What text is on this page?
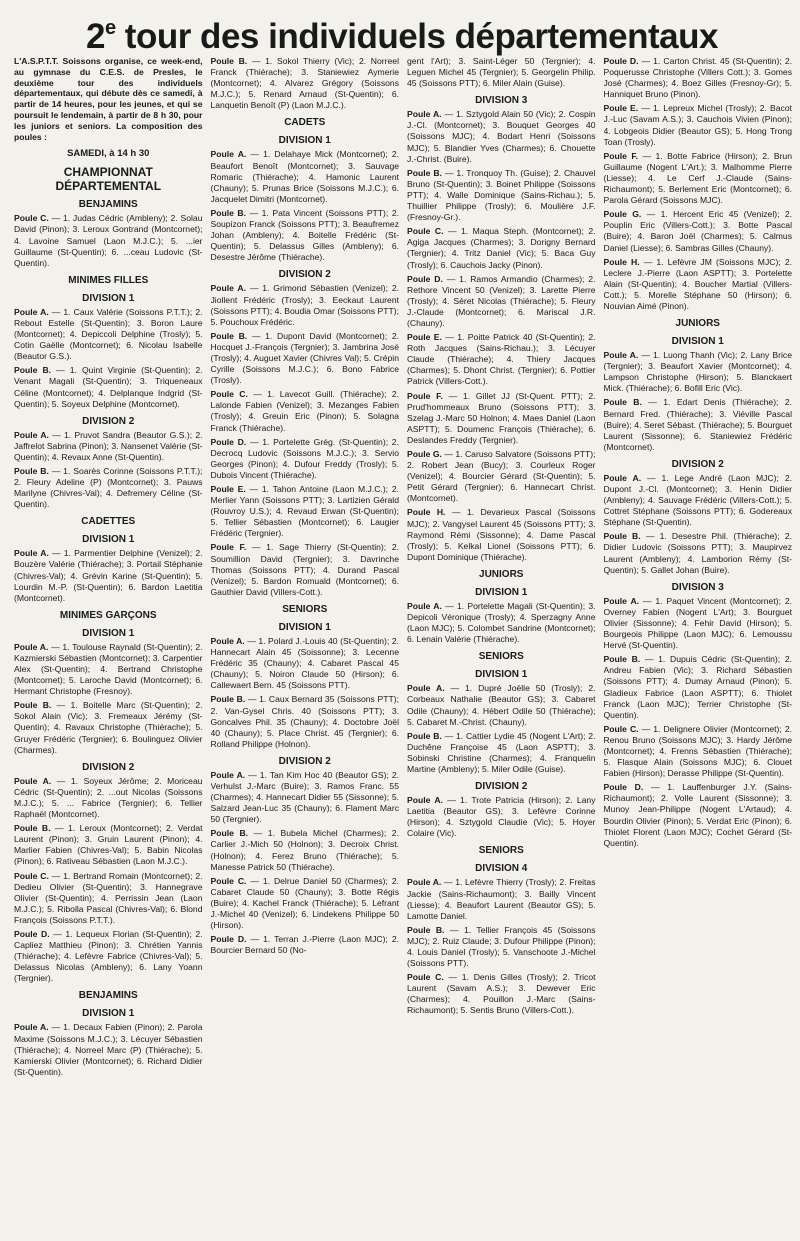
2e tour des individuels départementaux

L'A.S.P.T.T. Soissons organise, ce week-end, au gymnase du C.E.S. de Presles, le deuxième tour des individuels départementaux, qui débute dès ce samedi, à partir de 14 heures, pour les jeunes, et qui se poursuit le lendemain, à partir de 8 h 30, pour les juniors et seniors. La composition des poules :

SAMEDI, à 14 h 30
CHAMPIONNAT DÉPARTEMENTAL
BENJAMINS

Poule C. — 1. Judas Cédric (Ambleny); 2. Solau David (Pinon); 3. Leroux Gontrand (Montcornet); 4. Lavoine Samuel (Laon M.J.C.); 5. ...ier Guillaume (St-Quentin); 6. ...ceau Ludovic (St-Quentin).

MINIMES FILLES
DIVISION 1

Poule A. — 1. Caux Valérie (Soissons P.T.T.); 2. Rebout Estelle (St-Quentin); 3. Boron Laure (Montcornet); 4. Depiccoli Delphine (Trosly); 5. Cotin Gaëlle (Montcornet); 6. Nicolau Isabelle (Beautor G.S.).

Poule B. — 1. Quint Virginie (St-Quentin); 2. Venant Magali (St-Quentin); 3. Triqueneaux Céline (Montcornet); 4. Delplanque Indgrid (St-Quentin); 5. Soyeux Delphine (Montcornet).

DIVISION 2

Poule A. — 1. Pruvot Sandra (Beautor G.S.); 2. Jaffrelot Sabrina (Pinon); 3. Nansenet Valérie (St-Quentin); 4. Revaux Anne (St-Quentin).

Poule B. — 1. Soarès Corinne (Soissons P.T.T.); 2. Fleury Adeline (P) (Montcornet); 3. Pauws Marilyne (Chivres-Val); 4. Defremery Céline (St-Quentin).

CADETTES
DIVISION 1

Poule A. — 1. Parmentier Delphine (Venizel); 2. Bouzère Valérie (Thiérache); 3. Portail Stéphanie (Chivres-Val); 4. Grévin Karine (St-Quentin); 5. Lourdin M.-P. (St-Quentin); 6. Bardon Laetitia (Montcornet).

MINIMES GARÇONS
DIVISION 1

Poule A. — 1. Toulouse Raynald (St-Quentin); 2. Kazmierski Sébastien (Montcornet); 3. Carpentier Alex (St-Quentin); 4. Bertrand Christophe (Montcornet); 5. Laroche David (Montcornet); 6. Hermant Christophe (Fresnoy).

Poule B. — 1. Boitelle Marc (St-Quentin); 2. Sokol Alain (Vic); 3. Fremeaux Jérémy (St-Quentin); 4. Ravaux Christophe (Thiérache); 5. Gruyer Frédéric (Tergnier); 6. Boulinguez Olivier (Charmes).

DIVISION 2

Poule A. — 1. Soyeux Jérôme; 2. Moriceau Cédric (St-Quentin); 2. ...out Nicolas (Soissons M.J.C.); 5. ... Fabrice (Tergnier); 6. Tellier Raphaël (Montcornet).

Poule B. — 1. Leroux (Montcornet); 2. Verdat Laurent (Pinon); 3. Gruin Laurent (Pinon); 4. Marlier Fabien (Chivres-Val); 5. Babin Nicolas (Pinon); 6. Rativeau Sébastien (Laon M.J.C.).

Poule C. — 1. Bertrand Romain (Montcornet); 2. Dedieu Olivier (St-Quentin); 3. Hannegrave Olivier (St-Quentin); 4. Perrissin Jean (Laon M.J.C.); 5. Ribolla Pascal (Chivres-Val); 6. Blond François (Soissons P.T.T.).

Poule D. — 1. Lequeux Florian (St-Quentin); 2. Capliez Matthieu (Pinon); 3. Chrétien Yannis (Thiérache); 4. Lefèvre Fabrice (Chivres-Val); 5. Delassus Nicolas (Ambleny); 6. Lany Yoann (Tergnier).

BENJAMINS
DIVISION 1

Poule A. — 1. Decaux Fabien (Pinon); 2. Parola Maxime (Soissons M.J.C.); 3. Lécuyer Sébastien (Thiérache); 4. Norreel Marc (P) (Thiérache); 5. Kamierski Olivier (Montcornet); 6. Richard Didier (St-Quentin).

Poule B. — 1. Sokol Thierry (Vic); 2. Norreel Franck (Thiérache); 3. Staniewiez Aymerie (Montcornet); 4. Alvarez Grégory (Soissons M.J.C.); 5. Renard Arnaud (St-Quentin); 6. Lanquetin Benoît (P) (Laon M.J.C.).

CADETS
DIVISION 1

Poule A. — 1. Delahaye Mick (Montcornet); 2. Beaufort Benoît (Montcornet); 3. Sauvage Romaric (Thiérache); 4. Hamonic Laurent (Chauny); 5. Prunas Brice (Soissons M.J.C.); 6. Jacquelet Dimitri (Montcornet).

Poule B. — 1. Pata Vincent (Soissons PTT); 2. Soupizon Franck (Soissons PTT); 3. Beaufremez Johan (Ambleny); 4. Boitelle Frédéric (St-Quentin); 5. Delassus Gilles (Ambleny); 6. Desestre Jérôme (Thiérache).

DIVISION 2

Poule A. — 1. Grimond Sébastien (Venizel); 2. Jiollent Frédéric (Trosly); 3. Eeckaut Laurent (Soissons PTT); 4. Boudia Omar (Soissons PTT); 5. Pouchoux Frédéric.

Poule B. — 1. Dupont David (Montcornet); 2. Hocquet J.-François (Tergnier); 3. Jambrina José (Trosly); 4. Auguet Xavier (Chivres Val); 5. Crépin Cyrille (Soissons M.J.C.); 6. Bono Fabrice (Trosly).

Poule C. — 1. Lavecot Guill. (Thiérache); 2. Lalonde Fabien (Venizel); 3. Mezanges Fabien (Trosly); 4. Greuin Eric (Pinon); 5. Solagna Franck (Thiérache).

Poule D. — 1. Portelette Grég. (St-Quentin); 2. Decrocq Ludovic (Soissons M.J.C.); 3. Servio Georges (Pinon); 4. Dufour Freddy (Trosly); 5. Dubois Vincent (Thiérache).

Poule E. — 1. Tahon Antoine (Laon M.J.C.); 2. Merlier Yann (Soissons PTT); 3. Lartizien Gérald (Rouvroy U.S.); 4. Revaud Erwan (St-Quentin); 5. Tellier Sébastien (Montcornet); 6. Laugier Frédéric (Tergnier).

Poule F. — 1. Sage Thierry (St-Quentin); 2. Soumillion David (Tergnier); 3. Davrinche Thomas (Soissons PTT); 4. Durand Pascal (Venizel); 5. Bardon Romuald (Montcornet); 6. Gauthier David (Villers-Cott.).

SENIORS
DIVISION 1

Poule A. — 1. Polard J.-Louis 40 (St-Quentin); 2. Hannecart Alain 45 (Soissonne); 3. Lecenne Frédéric 35 (Chauny); 4. Cabaret Pascal 45 (Chauny); 5. Noiron Claude 50 (Hirson); 6. Callewaert Bern. 45 (Soissons PTT).

Poule B. — 1. Caux Bernard 35 (Soissons PTT); 2. Van-Gysel Chris. 40 (Soissons PTT); 3. Goncalves Phil. 35 (Chauny); 4. Doctobre Joël 40 (Chauny); 5. Place Christ. 45 (Tergnier); 6. Rolland Philippe (Holnon).

DIVISION 2

Poule A. — 1. Tan Kim Hoc 40 (Beautor GS); 2. Verhulst J.-Marc (Buire); 3. Ramos Franc. 55 (Charmes); 4. Hannecart Didier 55 (Sissonne); 5. Salzard Jean-Luc 35 (Chauny); 6. Flament Marc 50 (Tergnier).

Poule B. — 1. Bubela Michel (Charmes); 2. Carlier J.-Mich 50 (Holnon); 3. Decroix Christ. (Holnon); 4. Ferez Bruno (Thiérache); 5. Manesse Patrick 50 (Thiérache).

Poule C. — 1. Delrue Daniel 50 (Charmes); 2. Cabaret Claude 50 (Chauny); 3. Botte Régis (Buire); 4. Kachel Franck (Thiérache); 5. Lefrant J.-Michel 40 (Venizel); 6. Lindekens Philippe 50 (Hirson).

Poule D. — 1. Terran J.-Pierre (Laon MJC); 2. Bourcier Bernard 50 (No-

gent l'Art); 3. Saint-Léger 50 (Tergnier); 4. Leguen Michel 45 (Tergnier); 5. Georgelin Philip. 45 (Soissons PTT); 6. Miler Alain (Guise).

DIVISION 3

Poule A. — 1. Sztygold Alain 50 (Vic); 2. Cospin J.-Cl. (Montcornet); 3. Bouquet Georges 40 (Soissons MJC); 4. Bodart Henri (Soissons MJC); 5. Blandier Yves (Charmes); 6. Chouette J.-Christ. (Buire).

Poule B. — 1. Tronquoy Th. (Guise); 2. Chauvel Bruno (St-Quentin); 3. Boinet Philippe (Soissons PTT); 4. Walle Dominique (Sains-Richau.); 5. Thuillier Philippe (Trosly); 6. Moulière J.F. (Fresnoy-Gr.).

Poule C. — 1. Maqua Steph. (Montcornet); 2. Agiga Jacques (Charmes); 3. Dorigny Bernard (Tergnier); 4. Tritz Daniel (Vic); 5. Baca Guy (Trosly); 6. Cauchois Jacky (Pinon).

Poule D. — 1. Ramos Armandio (Charmes); 2. Rethore Vincent 50 (Venizel); 3. Larette Pierre (Trosly); 4. Séret Nicolas (Thiérache); 5. Fleury J.-Claude (Montcornet); 6. Mariscal J.R. (Chauny).

Poule E. — 1. Poitte Patrick 40 (St-Quentin); 2. Roth Jacques (Sains-Richau.); 3. Lécuyer Claude (Thiérache); 4. Thiery Jacques (Charmes); 5. Dhont Christ. (Tergnier); 6. Pottier Patrick (Villers-Cott.).

Poule F. — 1. Gillet JJ (St-Quent. PTT); 2. Prud'hommeaux Bruno (Soissons PTT); 3. Szelag J.-Marc 50 Holnon; 4. Maes Daniel (Laon ASPTT); 5. Doumenc François (Thiérache); 6. Deslandes Freddy (Tergnier).

Poule G. — 1. Caruso Salvatore (Soissons PTT); 2. Robert Jean (Bucy); 3. Courleux Roger (Venizel); 4. Bourcier Gérard (St-Quentin); 5. Petit Gérard (Tergnier); 6. Hannecart Christ. (Montcornet).

Poule H. — 1. Devarieux Pascal (Soissons MJC); 2. Vangysel Laurent 45 (Soissons PTT); 3. Raymond Rémi (Sissonne); 4. Dame Pascal (Trosly); 5. Kelkal Lionel (Soissons PTT); 6. Dupont Dominique (Thiérache).

JUNIORS
DIVISION 1

Poule A. — 1. Portelette Magali (St-Quentin); 3. Depicoli Véronique (Trosly); 4. Sperzagny Anne (Laon MJC); 5. Colombet Sandrine (Montcornet); 6. Lenain Valérie (Thiérache).

SENIORS
DIVISION 1

Poule A. — 1. Dupré Joëlle 50 (Trosly); 2. Corbeaux Nathalie (Beautor GS); 3. Cabaret Odile (Chauny); 4. Hébert Odile 50 (Thiérache); 5. Cabaret M.-Christ. (Chauny).

Poule B. — 1. Cattier Lydie 45 (Nogent L'Art); 2. Duchêne Françoise 45 (Laon ASPTT); 3. Sobinski Christine (Charmes); 4. Franquelin Martine (Ambleny); 5. Miler Odile (Guise).

DIVISION 2

Poule A. — 1. Trote Patricia (Hirson); 2. Lany Laetitia (Beautor GS); 3. Lefèvre Corinne (Hirson); 4. Sztygold Claudie (Vic); 5. Hoyer Colaire (Vic).

SENIORS
DIVISION 4

Poule A. — 1. Lefèvre Thierry (Trosly); 2. Freitas Jackie (Sains-Richaumont); 3. Bailly Vincent (Liesse); 4. Beaufort Laurent (Beautor GS); 5. Lamotte Daniel.

Poule B. — 1. Tellier François 45 (Soissons MJC); 2. Ruiz Claude; 3. Dufour Philippe (Pinon); 4. Louis Daniel (Trosly); 5. Vanschoote J.-Michel (Soissons PTT).

Poule C. — 1. Denis Gilles (Trosly); 2. Tricot Laurent (Savam A.S.); 3. Dewever Eric (Charmes); 4. Pouillon J.-Marc (Sains-Richaumont); 5. Sentis Bruno (Villers-Cott.).

Poule D. — 1. Carton Christ. 45 (St-Quentin); 2. Poquerusse Christophe (Villers Cott.); 3. Gomes José (Charmes); 4. Boez Gilles (Fresnoy-Gr); 5. Hanniquet Bruno (Pinon).

Poule E. — 1. Lepreux Michel (Trosly); 2. Bacot J.-Luc (Savam A.S.); 3. Cauchois Vivien (Pinon); 4. Lobgeois Didier (Beautor GS); 5. Hong Trong Toan (Trosly).

Poule F. — 1. Botte Fabrice (Hirson); 2. Brun Guillaume (Nogent L'Art.); 3. Malhomme Pierre (Liesse); 4. Le Cerf J.-Claude (Sains-Richaumont); 5. Berlement Eric (Montcornet); 6. Parola Gérard (Soissons MJC).

Poule G. — 1. Hercent Eric 45 (Venizel); 2. Pouplin Eric (Villers-Cott.); 3. Botte Pascal (Buire); 4. Baron Joël (Charmes); 5. Calmus Daniel (Liesse); 6. Sambras Gilles (Chauny).

Poule H. — 1. Lefèvre JM (Soissons MJC); 2. Leclere J.-Pierre (Laon ASPTT); 3. Portelette Alain (St-Quentin); 4. Boucher Martial (Villers-Cott.); 5. Morelle Stéphane 50 (Hirson); 6. Nouvian Aimé (Pinon).

JUNIORS
DIVISION 1

Poule A. — 1. Luong Thanh (Vic); 2. Lany Brice (Tergnier); 3. Beaufort Xavier (Montcornet); 4. Lampson Christophe (Hirson); 5. Blanckaert Mick. (Thiérache); 6. Bofill Eric (Vic).

Poule B. — 1. Edart Denis (Thiérache); 2. Bernard Fred. (Thiérache); 3. Viéville Pascal (Buire); 4. Seret Sébast. (Thiérache); 5. Bourguet Laurent (Sissonne); 6. Staniewiez Frédéric (Montcornet).

DIVISION 2

Poule A. — 1. Lege André (Laon MJC); 2. Dupont J.-Cl. (Montcornet); 3. Henin Didier (Ambleny); 4. Sauvage Frédéric (Villers-Cott.); 5. Cottret Stéphane (Soissons PTT); 6. Godereaux Stéphane (St-Quentin).

Poule B. — 1. Desestre Phil. (Thiérache); 2. Didier Ludovic (Soissons PTT); 3. Maupirvez Laurent (Ambleny); 4. Lamborion Rémy (St-Quentin); 5. Gallet Johan (Buire).

DIVISION 3

Poule A. — 1. Paquet Vincent (Montcornet); 2. Overney Fabien (Nogent L'Art); 3. Bourguet Olivier (Sissonne); 4. Fehir David (Hirson); 5. Bourgeois Philippe (Laon MJC); 6. Lemoussu Hervé (St-Quentin).

Poule B. — 1. Dupuis Cédric (St-Quentin); 2. Andreu Fabien (Vic); 3. Richard Sébastien (Soissons PTT); 4. Dumay Arnaud (Pinon); 5. Gladieux Fabrice (Laon ASPTT); 6. Thiolet Franck (Laon MJC); Terrier Christophe (St-Quentin).

Poule C. — 1. Delignere Olivier (Montcornet); 2. Renou Bruno (Soissons MJC); 3. Hardy Jérôme (Montcornet); 4. Frenns Sébastien (Thiérache); 5. Flasque Alain (Soissons MJC); 6. Clouet Fabien (Hirson); Derasse Philippe (St-Quentin).

Poule D. — 1. Lauffenburger J.Y. (Sains-Richaumont); 2. Volle Laurent (Sissonne); 3. Munoy Jean-Philippe (Nogent L'Artaud); 4. Bourdin Olivier (Pinon); 5. Verdat Eric (Pinon); 6. Thiolet Florent (Laon MJC); Cochet Gérard (St-Quentin).
